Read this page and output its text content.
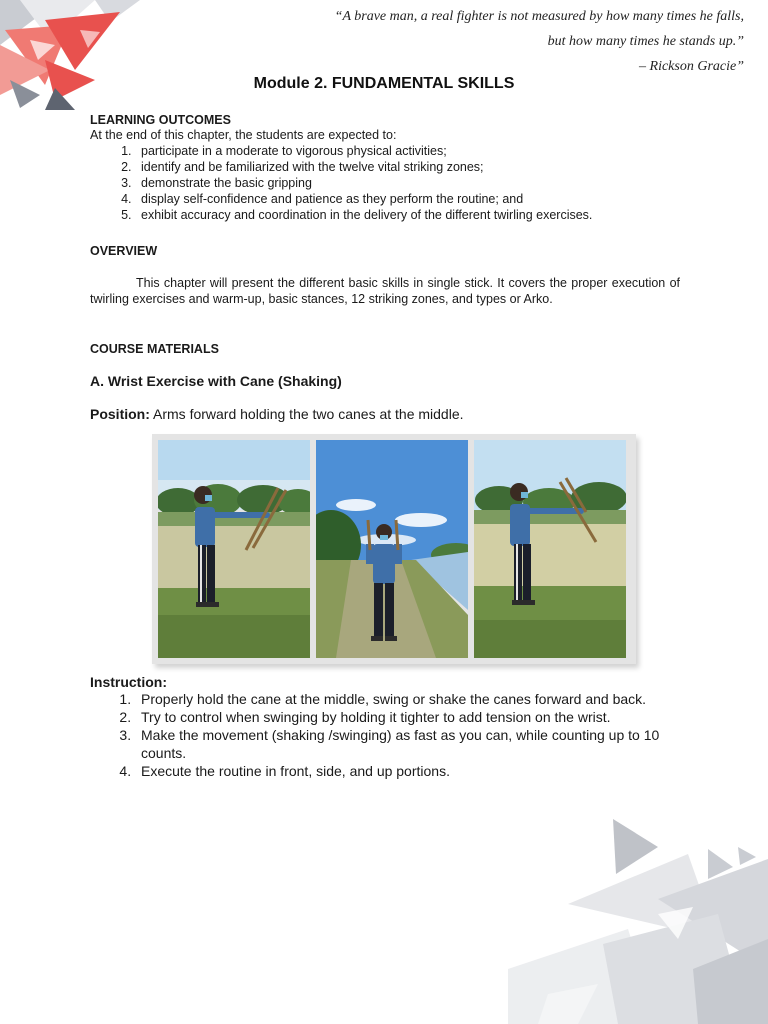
“A brave man, a real fighter is not measured by how many times he falls,
but how many times he stands up.”
– Rickson Gracie”
Module 2. FUNDAMENTAL SKILLS
LEARNING OUTCOMES
At the end of this chapter, the students are expected to:
1. participate in a moderate to vigorous physical activities;
2. identify and be familiarized with the twelve vital striking zones;
3. demonstrate the basic gripping
4. display self-confidence and patience as they perform the routine; and
5. exhibit accuracy and coordination in the delivery of the different twirling exercises.
OVERVIEW
This chapter will present the different basic skills in single stick. It covers the proper execution of twirling exercises and warm-up, basic stances, 12 striking zones, and types or Arko.
COURSE MATERIALS
A. Wrist Exercise with Cane (Shaking)
Position: Arms forward holding the two canes at the middle.
Instruction:
1. Properly hold the cane at the middle, swing or shake the canes forward and back.
2. Try to control when swinging by holding it tighter to add tension on the wrist.
3. Make the movement (shaking /swinging) as fast as you can, while counting up to 10 counts.
4. Execute the routine in front, side, and up portions.
